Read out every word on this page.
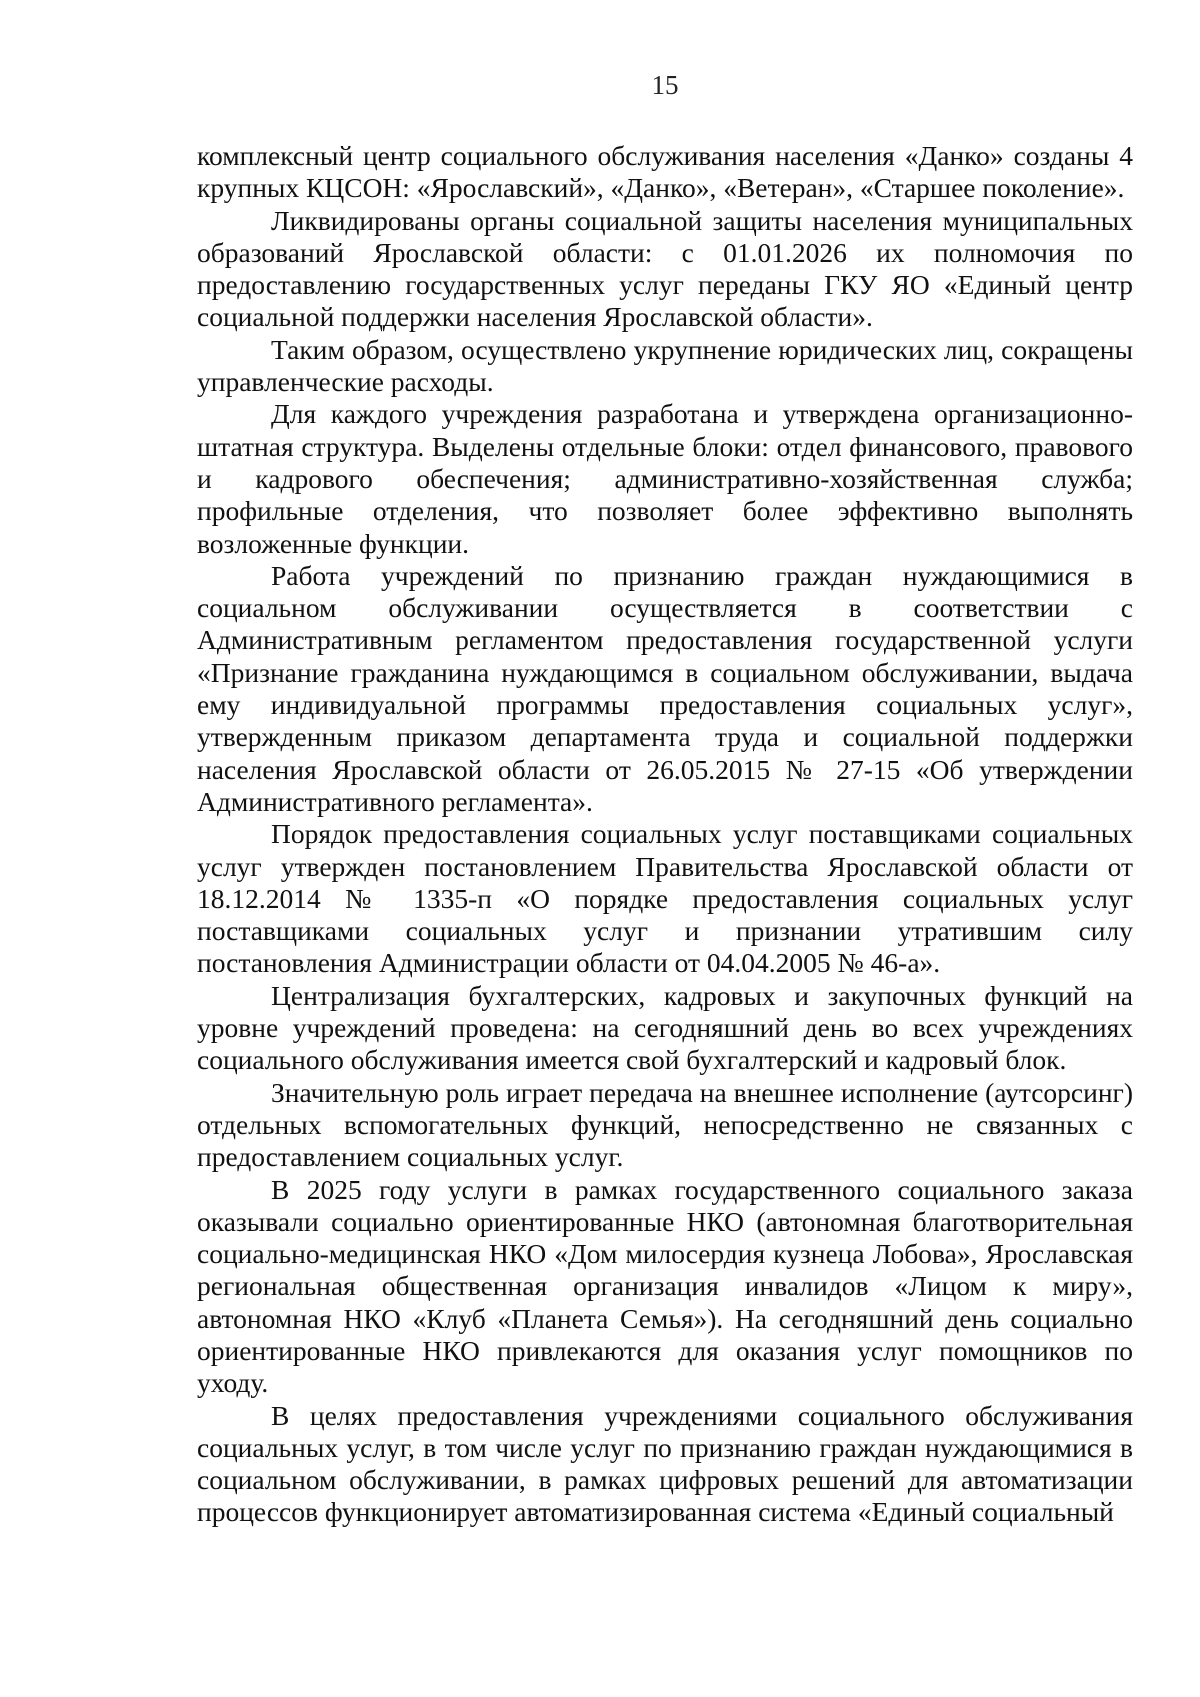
15

комплексный центр социального обслуживания населения «Данко» созданы 4 крупных КЦСОН: «Ярославский», «Данко», «Ветеран», «Старшее поколение».

Ликвидированы органы социальной защиты населения муниципальных образований Ярославской области: с 01.01.2026 их полномочия по предоставлению государственных услуг переданы ГКУ ЯО «Единый центр социальной поддержки населения Ярославской области».

Таким образом, осуществлено укрупнение юридических лиц, сокращены управленческие расходы.

Для каждого учреждения разработана и утверждена организационно-штатная структура. Выделены отдельные блоки: отдел финансового, правового и кадрового обеспечения; административно-хозяйственная служба; профильные отделения, что позволяет более эффективно выполнять возложенные функции.

Работа учреждений по признанию граждан нуждающимися в социальном обслуживании осуществляется в соответствии с Административным регламентом предоставления государственной услуги «Признание гражданина нуждающимся в социальном обслуживании, выдача ему индивидуальной программы предоставления социальных услуг», утвержденным приказом департамента труда и социальной поддержки населения Ярославской области от 26.05.2015 № 27-15 «Об утверждении Административного регламента».

Порядок предоставления социальных услуг поставщиками социальных услуг утвержден постановлением Правительства Ярославской области от 18.12.2014 № 1335-п «О порядке предоставления социальных услуг поставщиками социальных услуг и признании утратившим силу постановления Администрации области от 04.04.2005 № 46-а».

Централизация бухгалтерских, кадровых и закупочных функций на уровне учреждений проведена: на сегодняшний день во всех учреждениях социального обслуживания имеется свой бухгалтерский и кадровый блок.

Значительную роль играет передача на внешнее исполнение (аутсорсинг) отдельных вспомогательных функций, непосредственно не связанных с предоставлением социальных услуг.

В 2025 году услуги в рамках государственного социального заказа оказывали социально ориентированные НКО (автономная благотворительная социально-медицинская НКО «Дом милосердия кузнеца Лобова», Ярославская региональная общественная организация инвалидов «Лицом к миру», автономная НКО «Клуб «Планета Семья»). На сегодняшний день социально ориентированные НКО привлекаются для оказания услуг помощников по уходу.

В целях предоставления учреждениями социального обслуживания социальных услуг, в том числе услуг по признанию граждан нуждающимися в социальном обслуживании, в рамках цифровых решений для автоматизации процессов функционирует автоматизированная система «Единый социальный
